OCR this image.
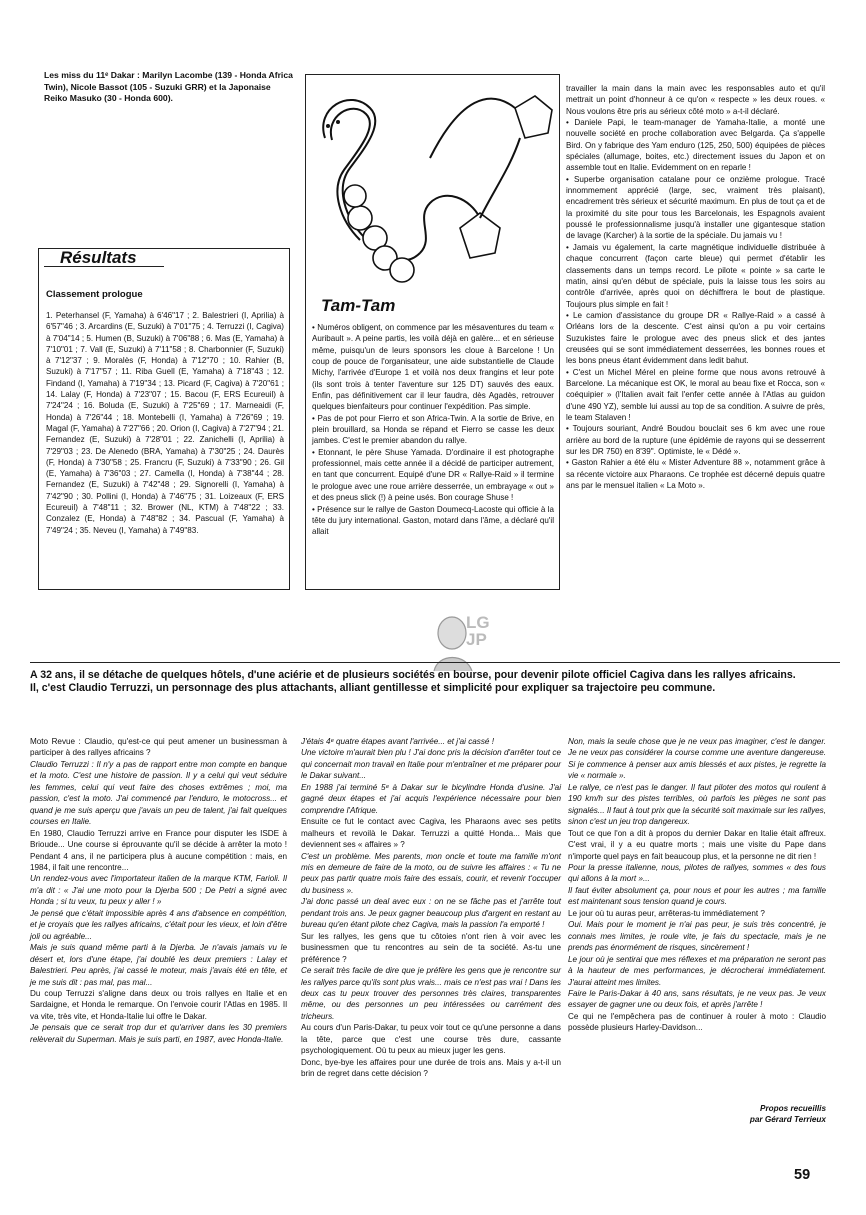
Les miss du 11ᵉ Dakar : Marilyn Lacombe (139 - Honda Africa Twin), Nicole Bassot (105 - Suzuki GRR) et la Japonaise Reiko Masuko (30 - Honda 600).
Résultats
Classement prologue
1. Peterhansel (F, Yamaha) à 6'46"17 ; 2. Balestrieri (I, Aprilia) à 6'57"46 ; 3. Arcardins (E, Suzuki) à 7'01"75 ; 4. Terruzzi (I, Cagiva) à 7'04"14 ; 5. Humen (B, Suzuki) à 7'06"88 ; 6. Mas (E, Yamaha) à 7'10"01 ; 7. Vall (E, Suzuki) à 7'11"58 ; 8. Charbonnier (F, Suzuki) à 7'12"37 ; 9. Moralès (F, Honda) à 7'12"70 ; 10. Rahier (B, Suzuki) à 7'17"57 ; 11. Riba Guell (E, Yamaha) à 7'18"43 ; 12. Findand (I, Yamaha) à 7'19"34 ; 13. Picard (F, Cagiva) à 7'20"61 ; 14. Lalay (F, Honda) à 7'23"07 ; 15. Bacou (F, ERS Ecureuil) à 7'24"24 ; 16. Boluda (E, Suzuki) à 7'25"69 ; 17. Marneaidi (F, Honda) à 7'26"44 ; 18. Montebelli (I, Yamaha) à 7'26"69 ; 19. Magal (F, Yamaha) à 7'27"66 ; 20. Orion (I, Cagiva) à 7'27"94 ; 21. Fernandez (E, Suzuki) à 7'28"01 ; 22. Zanichelli (I, Aprilia) à 7'29"03 ; 23. De Alenedo (BRA, Yamaha) à 7'30"25 ; 24. Daurès (F, Honda) à 7'30"58 ; 25. Francru (F, Suzuki) à 7'33"90 ; 26. Gil (E, Yamaha) à 7'36"03 ; 27. Camella (I, Honda) à 7'38"44 ; 28. Fernandez (E, Suzuki) à 7'42"48 ; 29. Signorelli (I, Yamaha) à 7'42"90 ; 30. Pollini (I, Honda) à 7'46"75 ; 31. Loizeaux (F, ERS Ecureuil) à 7'48"11 ; 32. Brower (NL, KTM) à 7'48"22 ; 33. Conzalez (E, Honda) à 7'48"82 ; 34. Pascual (F, Yamaha) à 7'49"24 ; 35. Neveu (I, Yamaha) à 7'49"83.
Tam-Tam

• Numéros obligent, on commence par les mésaventures du team « Auribault ». A peine partis, les voilà déjà en galère... et en sérieuse même, puisqu'un de leurs sponsors les cloue à Barcelone ! Un coup de pouce de l'organisateur, une aide substantielle de Claude Michy, l'arrivée d'Europe 1 et voilà nos deux frangins et leur pote (ils sont trois à tenter l'aventure sur 125 DT) sauvés des eaux. Enfin, pas définitivement car il leur faudra, dès Agadès, retrouver quelques bienfaiteurs pour continuer l'expédition. Pas simple.

• Pas de pot pour Fierro et son Africa-Twin. A la sortie de Brive, en plein brouillard, sa Honda se répand et Fierro se casse les deux jambes. C'est le premier abandon du rallye.

• Etonnant, le père Shuse Yamada. D'ordinaire il est photographe professionnel, mais cette année il a décidé de participer autrement, en tant que concurrent. Equipé d'une DR « Rallye-Raid » il termine le prologue avec une roue arrière desserrée, un embrayage « out » et des pneus slick (!) à peine usés. Bon courage Shuse !

• Présence sur le rallye de Gaston Doumecq-Lacoste qui officie à la tête du jury international. Gaston, motard dans l'âme, a déclaré qu'il allait

travailler la main dans la main avec les responsables auto et qu'il mettrait un point d'honneur à ce qu'on « respecte » les deux roues. « Nous voulons être pris au sérieux côté moto » a-t-il déclaré.

• Daniele Papi, le team-manager de Yamaha-Italie, a monté une nouvelle société en proche collaboration avec Belgarda. Ça s'appelle Bird. On y fabrique des Yam enduro (125, 250, 500) équipées de pièces spéciales (allumage, boites, etc.) directement issues du Japon et on assemble tout en Italie. Evidemment on en reparle !

• Superbe organisation catalane pour ce onzième prologue. Tracé innommement apprécié (large, sec, vraiment très plaisant), encadrement très sérieux et sécurité maximum. En plus de tout ça et de la proximité du site pour tous les Barcelonais, les Espagnols avaient poussé le professionnalisme jusqu'à installer une gigantesque station de lavage (Karcher) à la sortie de la spéciale. Du jamais vu !

• Jamais vu également, la carte magnétique individuelle distribuée à chaque concurrent (façon carte bleue) qui permet d'établir les classements dans un temps record. Le pilote « pointe » sa carte le matin, ainsi qu'en début de spéciale, puis la laisse tous les soirs au contrôle d'arrivée, après quoi on déchiffrera le bout de plastique. Toujours plus simple en fait !

• Le camion d'assistance du groupe DR « Rallye-Raid » a cassé à Orléans lors de la descente. C'est ainsi qu'on a pu voir certains Suzukistes faire le prologue avec des pneus slick et des jantes creusées qui se sont immédiatement desserrées, les bonnes roues et les bons pneus étant évidemment dans ledit bahut.

• C'est un Michel Mérel en pleine forme que nous avons retrouvé à Barcelone. La mécanique est OK, le moral au beau fixe et Rocca, son « coéquipier » (l'Italien avait fait l'enfer cette année à l'Atlas au guidon d'une 490 YZ), semble lui aussi au top de sa condition. A suivre de près, le team Stalaven !

• Toujours souriant, André Boudou bouclait ses 6 km avec une roue arrière au bord de la rupture (une épidémie de rayons qui se desserrent sur les DR 750) en 8'39". Optimiste, le « Dédé ».

• Gaston Rahier a été élu « Mister Adventure 88 », notamment grâce à sa récente victoire aux Pharaons. Ce trophée est décerné depuis quatre ans par le mensuel italien « La Moto ».

LG
JP

A 32 ans, il se détache de quelques hôtels, d'une aciérie et de plusieurs sociétés en bourse, pour devenir pilote officiel Cagiva dans les rallyes africains.

Il, c'est Claudio Terruzzi, un personnage des plus attachants, alliant gentillesse et simplicité pour expliquer sa trajectoire peu commune.

Moto Revue : Claudio, qu'est-ce qui peut amener un businessman à participer à des rallyes africains ?

Claudio Terruzzi : Il n'y a pas de rapport entre mon compte en banque et la moto. C'est une histoire de passion. Il y a celui qui veut séduire les femmes, celui qui veut faire des choses extrêmes ; moi, ma passion, c'est la moto. J'ai commencé par l'enduro, le motocross... et quand je me suis aperçu que j'avais un peu de talent, j'ai fait quelques courses en Italie.

En 1980, Claudio Terruzzi arrive en France pour disputer les ISDE à Brioude... Une course si éprouvante qu'il se décide à arrêter la moto ! Pendant 4 ans, il ne participera plus à aucune compétition : mais, en 1984, il fait une rencontre...

Un rendez-vous avec l'importateur italien de la marque KTM, Farioli. Il m'a dit : « J'ai une moto pour la Djerba 500 ; De Petri a signé avec Honda ; si tu veux, tu peux y aller ! »

Je pensé que c'était impossible après 4 ans d'absence en compétition, et je croyais que les rallyes africains, c'était pour les vieux, et loin d'être joli ou agréable...

Mais je suis quand même parti à la Djerba. Je n'avais jamais vu le désert et, lors d'une étape, j'ai doublé les deux premiers : Lalay et Balestrieri. Peu après, j'ai cassé le moteur, mais j'avais été en tête, et je me suis dit : pas mal, pas mal...

Du coup Terruzzi s'aligne dans deux ou trois rallyes en Italie et en Sardaigne, et Honda le remarque. On l'envoie courir l'Atlas en 1985. Il va vite, très vite, et Honda-Italie lui offre le Dakar.

Je pensais que ce serait trop dur et qu'arriver dans les 30 premiers relèverait du Superman. Mais je suis parti, en 1987, avec Honda-Italie.

J'étais 4ᵉ quatre étapes avant l'arrivée... et j'ai cassé !

Une victoire m'aurait bien plu ! J'ai donc pris la décision d'arrêter tout ce qui concernait mon travail en Italie pour m'entraîner et me préparer pour le Dakar suivant...

En 1988 j'ai terminé 5ᵉ à Dakar sur le bicylindre Honda d'usine. J'ai gagné deux étapes et j'ai acquis l'expérience nécessaire pour bien comprendre l'Afrique.

Ensuite ce fut le contact avec Cagiva, les Pharaons avec ses petits malheurs et revoilà le Dakar. Terruzzi a quitté Honda... Mais que deviennent ses « affaires » ?

C'est un problème. Mes parents, mon oncle et toute ma famille m'ont mis en demeure de faire de la moto, ou de suivre les affaires : « Tu ne peux pas partir quatre mois faire des essais, courir, et revenir t'occuper du business ».

J'ai donc passé un deal avec eux : on ne se fâche pas et j'arrête tout pendant trois ans. Je peux gagner beaucoup plus d'argent en restant au bureau qu'en étant pilote chez Cagiva, mais la passion l'a emporté !

Sur les rallyes, les gens que tu côtoies n'ont rien à voir avec les businessmen que tu rencontres au sein de ta société. As-tu une préférence ?

Ce serait très facile de dire que je préfère les gens que je rencontre sur les rallyes parce qu'ils sont plus vrais... mais ce n'est pas vrai ! Dans les deux cas tu peux trouver des personnes très claires, transparentes même, ou des personnes un peu intéressées ou carrément des tricheurs.

Au cours d'un Paris-Dakar, tu peux voir tout ce qu'une personne a dans la tête, parce que c'est une course très dure, cassante psychologiquement. Où tu peux au mieux juger les gens.

Donc, bye-bye les affaires pour une durée de trois ans. Mais y a-t-il un brin de regret dans cette décision ?

Non, mais la seule chose que je ne veux pas imaginer, c'est le danger. Je ne veux pas considérer la course comme une aventure dangereuse. Si je commence à penser aux amis blessés et aux pistes, je regrette la vie « normale ».

Le rallye, ce n'est pas le danger. Il faut piloter des motos qui roulent à 190 km/h sur des pistes terribles, où parfois les pièges ne sont pas signalés... Il faut à tout prix que la sécurité soit maximale sur les rallyes, sinon c'est un jeu trop dangereux.

Tout ce que l'on a dit à propos du dernier Dakar en Italie était affreux. C'est vrai, il y a eu quatre morts ; mais une visite du Pape dans n'importe quel pays en fait beaucoup plus, et la personne ne dit rien !

Pour la presse italienne, nous, pilotes de rallyes, sommes « des fous qui allons à la mort »...

Il faut éviter absolument ça, pour nous et pour les autres ; ma famille est maintenant sous tension quand je cours.

Le jour où tu auras peur, arrêteras-tu immédiatement ?

Oui. Mais pour le moment je n'ai pas peur, je suis très concentré, je connais mes limites, je roule vite, je fais du spectacle, mais je ne prends pas énormément de risques, sincèrement !

Le jour où je sentirai que mes réflexes et ma préparation ne seront pas à la hauteur de mes performances, je décrocherai immédiatement. J'aurai atteint mes limites.

Faire le Paris-Dakar à 40 ans, sans résultats, je ne veux pas. Je veux essayer de gagner une ou deux fois, et après j'arrête !

Ce qui ne l'empêchera pas de continuer à rouler à moto : Claudio possède plusieurs Harley-Davidson...

Propos recueillis
par Gérard Terrieux
59
